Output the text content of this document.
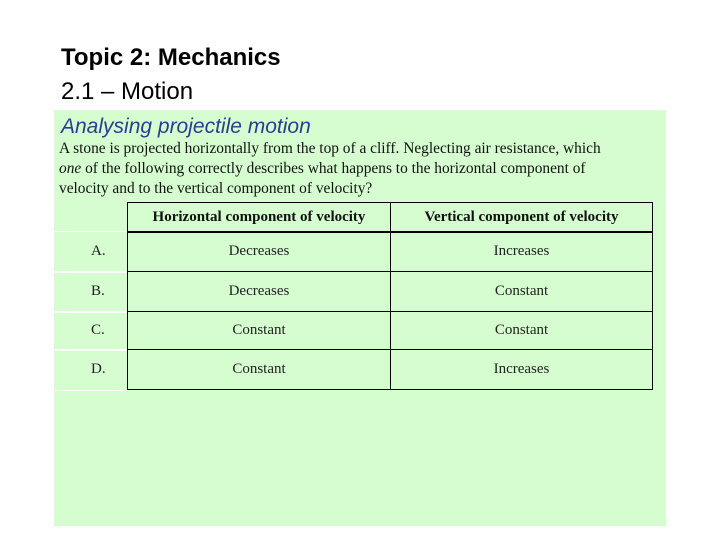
Topic 2: Mechanics
2.1 – Motion
Analysing projectile motion
A stone is projected horizontally from the top of a cliff. Neglecting air resistance, which
one of the following correctly describes what happens to the horizontal component of
velocity and to the vertical component of velocity?
Horizontal component of velocity	Vertical component of velocity
A.	Decreases	Increases
B.	Decreases	Constant
C.	Constant	Constant
D.	Constant	Increases
